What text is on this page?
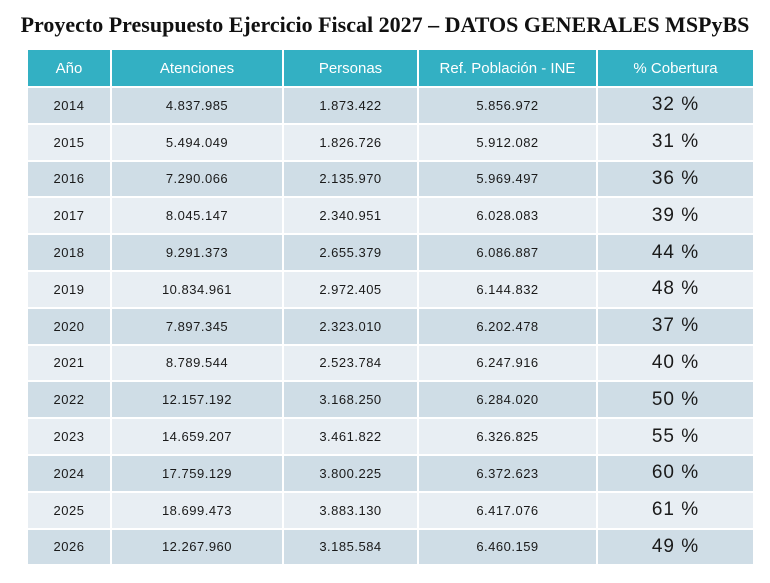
Proyecto Presupuesto Ejercicio Fiscal 2027 – DATOS GENERALES MSPyBS
Año	Atenciones	Personas	Ref. Población - INE	% Cobertura
2014	4.837.985	1.873.422	5.856.972	32 %
2015	5.494.049	1.826.726	5.912.082	31 %
2016	7.290.066	2.135.970	5.969.497	36 %
2017	8.045.147	2.340.951	6.028.083	39 %
2018	9.291.373	2.655.379	6.086.887	44 %
2019	10.834.961	2.972.405	6.144.832	48 %
2020	7.897.345	2.323.010	6.202.478	37 %
2021	8.789.544	2.523.784	6.247.916	40 %
2022	12.157.192	3.168.250	6.284.020	50 %
2023	14.659.207	3.461.822	6.326.825	55 %
2024	17.759.129	3.800.225	6.372.623	60 %
2025	18.699.473	3.883.130	6.417.076	61 %
2026	12.267.960	3.185.584	6.460.159	49 %
